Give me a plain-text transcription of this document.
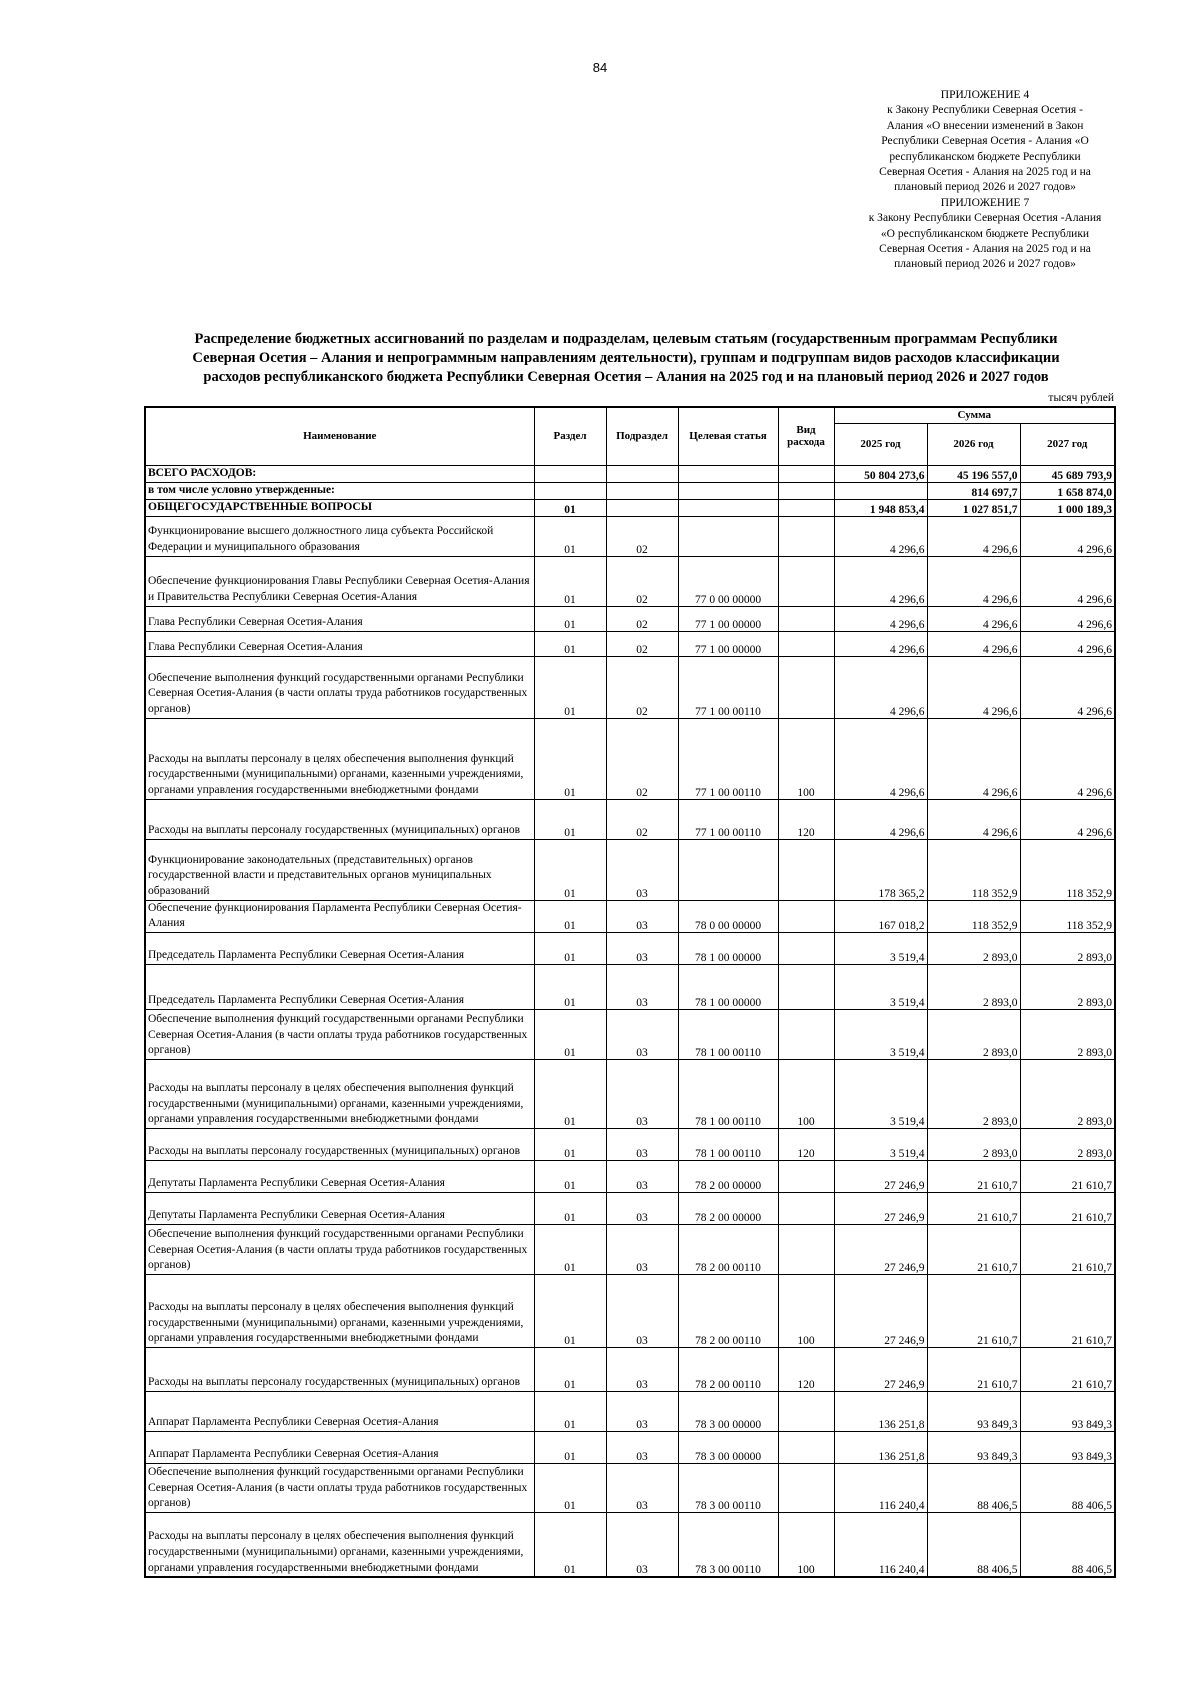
84
ПРИЛОЖЕНИЕ 4
к Закону Республики Северная Осетия -
Алания «О внесении изменений в Закон
Республики Северная Осетия - Алания «О
республиканском бюджете Республики
Северная Осетия - Алания на 2025 год и на
плановый период 2026 и 2027 годов»
ПРИЛОЖЕНИЕ 7
к Закону Республики Северная Осетия -Алания
«О республиканском бюджете Республики
Северная Осетия - Алания на 2025 год и на
плановый период 2026 и 2027 годов»
Распределение бюджетных ассигнований по разделам и подразделам, целевым статьям (государственным программам Республики
Северная Осетия – Алания и непрограммным направлениям деятельности), группам и подгруппам видов расходов классификации
расходов республиканского бюджета Республики Северная Осетия – Алания на 2025 год и на плановый период 2026 и 2027 годов
тысяч рублей
Наименование	Раздел	Подраздел	Целевая статья	Вид расхода	Сумма		
					2025 год	2026 год	2027 год
ВСЕГО РАСХОДОВ:					50 804 273,6	45 196 557,0	45 689 793,9
в том числе условно утвержденные:						814 697,7	1 658 874,0
ОБЩЕГОСУДАРСТВЕННЫЕ ВОПРОСЫ	01				1 948 853,4	1 027 851,7	1 000 189,3
Функционирование высшего должностного лица субъекта Российской Федерации и муниципального образования	01	02			4 296,6	4 296,6	4 296,6
Обеспечение функционирования Главы Республики Северная Осетия-Алания и Правительства Республики Северная Осетия-Алания	01	02	77 0 00 00000		4 296,6	4 296,6	4 296,6
Глава Республики Северная Осетия-Алания	01	02	77 1 00 00000		4 296,6	4 296,6	4 296,6
Глава Республики Северная Осетия-Алания	01	02	77 1 00 00000		4 296,6	4 296,6	4 296,6
Обеспечение выполнения функций государственными органами Республики Северная Осетия-Алания (в части оплаты труда работников государственных органов)	01	02	77 1 00 00110		4 296,6	4 296,6	4 296,6
Расходы на выплаты персоналу в целях обеспечения выполнения функций государственными (муниципальными) органами, казенными учреждениями, органами управления государственными внебюджетными фондами	01	02	77 1 00 00110	100	4 296,6	4 296,6	4 296,6
Расходы на выплаты персоналу государственных (муниципальных) органов	01	02	77 1 00 00110	120	4 296,6	4 296,6	4 296,6
Функционирование законодательных (представительных) органов государственной власти и представительных органов муниципальных образований	01	03			178 365,2	118 352,9	118 352,9
Обеспечение функционирования Парламента Республики Северная Осетия-Алания	01	03	78 0 00 00000		167 018,2	118 352,9	118 352,9
Председатель Парламента Республики Северная Осетия-Алания	01	03	78 1 00 00000		3 519,4	2 893,0	2 893,0
Председатель Парламента Республики Северная Осетия-Алания	01	03	78 1 00 00000		3 519,4	2 893,0	2 893,0
Обеспечение выполнения функций государственными органами Республики Северная Осетия-Алания (в части оплаты труда работников государственных органов)	01	03	78 1 00 00110		3 519,4	2 893,0	2 893,0
Расходы на выплаты персоналу в целях обеспечения выполнения функций государственными (муниципальными) органами, казенными учреждениями, органами управления государственными внебюджетными фондами	01	03	78 1 00 00110	100	3 519,4	2 893,0	2 893,0
Расходы на выплаты персоналу государственных (муниципальных) органов	01	03	78 1 00 00110	120	3 519,4	2 893,0	2 893,0
Депутаты Парламента Республики Северная Осетия-Алания	01	03	78 2 00 00000		27 246,9	21 610,7	21 610,7
Депутаты Парламента Республики Северная Осетия-Алания	01	03	78 2 00 00000		27 246,9	21 610,7	21 610,7
Обеспечение выполнения функций государственными органами Республики Северная Осетия-Алания (в части оплаты труда работников государственных органов)	01	03	78 2 00 00110		27 246,9	21 610,7	21 610,7
Расходы на выплаты персоналу в целях обеспечения выполнения функций государственными (муниципальными) органами, казенными учреждениями, органами управления государственными внебюджетными фондами	01	03	78 2 00 00110	100	27 246,9	21 610,7	21 610,7
Расходы на выплаты персоналу государственных (муниципальных) органов	01	03	78 2 00 00110	120	27 246,9	21 610,7	21 610,7
Аппарат Парламента Республики Северная Осетия-Алания	01	03	78 3 00 00000		136 251,8	93 849,3	93 849,3
Аппарат Парламента Республики Северная Осетия-Алания	01	03	78 3 00 00000		136 251,8	93 849,3	93 849,3
Обеспечение выполнения функций государственными органами Республики Северная Осетия-Алания (в части оплаты труда работников государственных органов)	01	03	78 3 00 00110		116 240,4	88 406,5	88 406,5
Расходы на выплаты персоналу в целях обеспечения выполнения функций государственными (муниципальными) органами, казенными учреждениями, органами управления государственными внебюджетными фондами	01	03	78 3 00 00110	100	116 240,4	88 406,5	88 406,5
